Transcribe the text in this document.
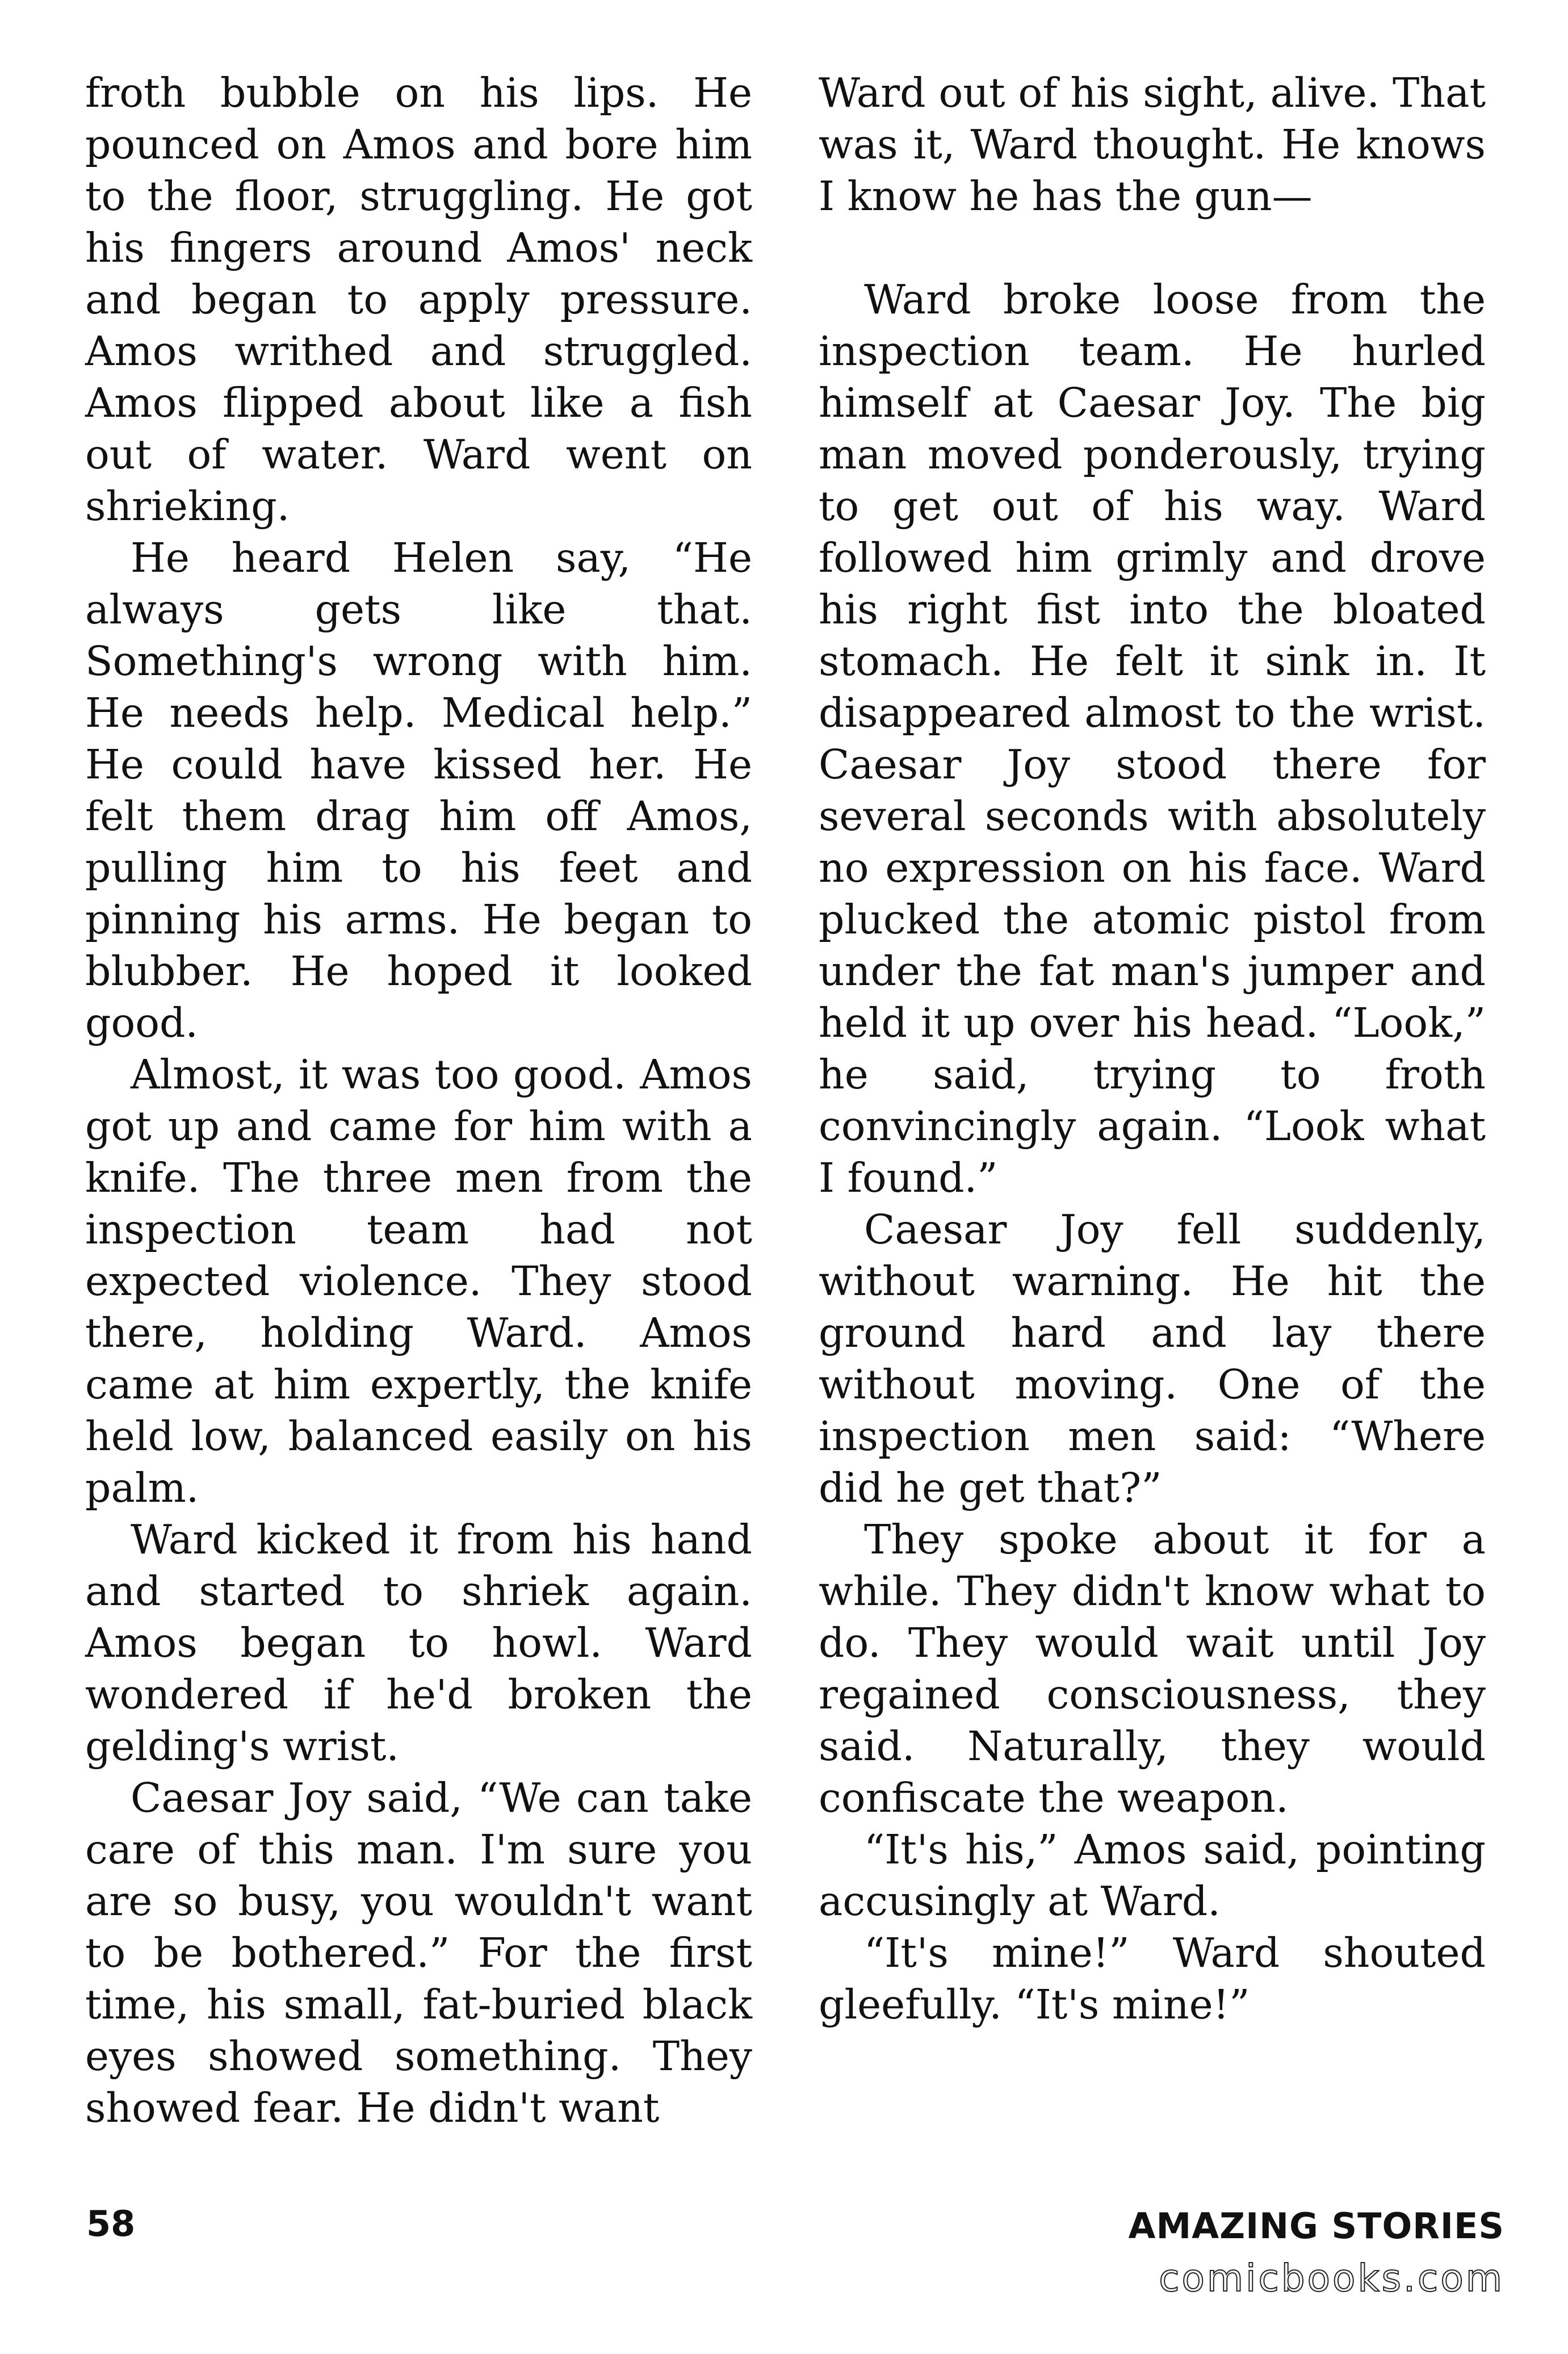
froth bubble on his lips. He pounced on Amos and bore him to the floor, struggling. He got his fingers around Amos' neck and began to apply pressure. Amos writhed and struggled. Amos flipped about like a fish out of water. Ward went on shrieking.

He heard Helen say, “He always gets like that. Something's wrong with him. He needs help. Medical help.” He could have kissed her. He felt them drag him off Amos, pulling him to his feet and pinning his arms. He began to blubber. He hoped it looked good.

Almost, it was too good. Amos got up and came for him with a knife. The three men from the inspection team had not expected violence. They stood there, holding Ward. Amos came at him expertly, the knife held low, balanced easily on his palm.

Ward kicked it from his hand and started to shriek again. Amos began to howl. Ward wondered if he'd broken the gelding's wrist.

Caesar Joy said, “We can take care of this man. I'm sure you are so busy, you wouldn't want to be bothered.” For the first time, his small, fat-buried black eyes showed something. They showed fear. He didn't want

Ward out of his sight, alive. That was it, Ward thought. He knows I know he has the gun—

Ward broke loose from the inspection team. He hurled himself at Caesar Joy. The big man moved ponderously, trying to get out of his way. Ward followed him grimly and drove his right fist into the bloated stomach. He felt it sink in. It disappeared almost to the wrist. Caesar Joy stood there for several seconds with absolutely no expression on his face. Ward plucked the atomic pistol from under the fat man's jumper and held it up over his head. “Look,” he said, trying to froth convincingly again. “Look what I found.”

Caesar Joy fell suddenly, without warning. He hit the ground hard and lay there without moving. One of the inspection men said: “Where did he get that?”

They spoke about it for a while. They didn't know what to do. They would wait until Joy regained consciousness, they said. Naturally, they would confiscate the weapon.

“It's his,” Amos said, pointing accusingly at Ward.

“It's mine!” Ward shouted gleefully. “It's mine!”

58	AMAZING STORIES
comicbooks.com
